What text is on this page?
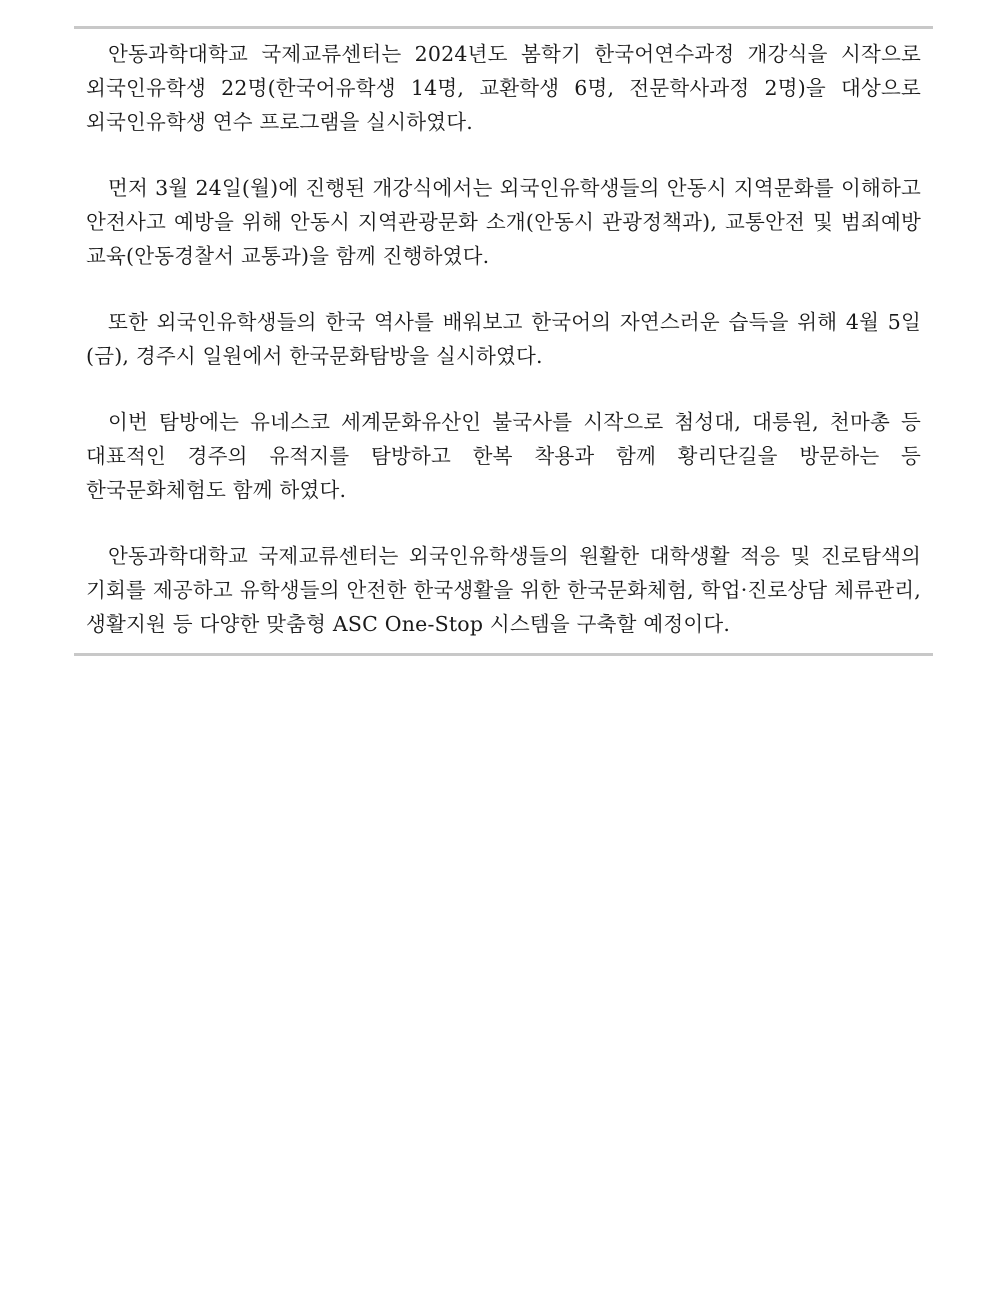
안동과학대학교 국제교류센터는 2024년도 봄학기 한국어연수과정 개강식을 시작으로 외국인유학생 22명(한국어유학생 14명, 교환학생 6명, 전문학사과정 2명)을 대상으로 외국인유학생 연수 프로그램을 실시하였다.

먼저 3월 24일(월)에 진행된 개강식에서는 외국인유학생들의 안동시 지역문화를 이해하고 안전사고 예방을 위해 안동시 지역관광문화 소개(안동시 관광정책과), 교통안전 및 범죄예방 교육(안동경찰서 교통과)을 함께 진행하였다.

또한 외국인유학생들의 한국 역사를 배워보고 한국어의 자연스러운 습득을 위해 4월 5일(금), 경주시 일원에서 한국문화탐방을 실시하였다.

이번 탐방에는 유네스코 세계문화유산인 불국사를 시작으로 첨성대, 대릉원, 천마총 등 대표적인 경주의 유적지를 탐방하고 한복 착용과 함께 황리단길을 방문하는 등 한국문화체험도 함께 하였다.

안동과학대학교 국제교류센터는 외국인유학생들의 원활한 대학생활 적응 및 진로탐색의 기회를 제공하고 유학생들의 안전한 한국생활을 위한 한국문화체험, 학업·진로상담 체류관리, 생활지원 등 다양한 맞춤형 ASC One-Stop 시스템을 구축할 예정이다.
